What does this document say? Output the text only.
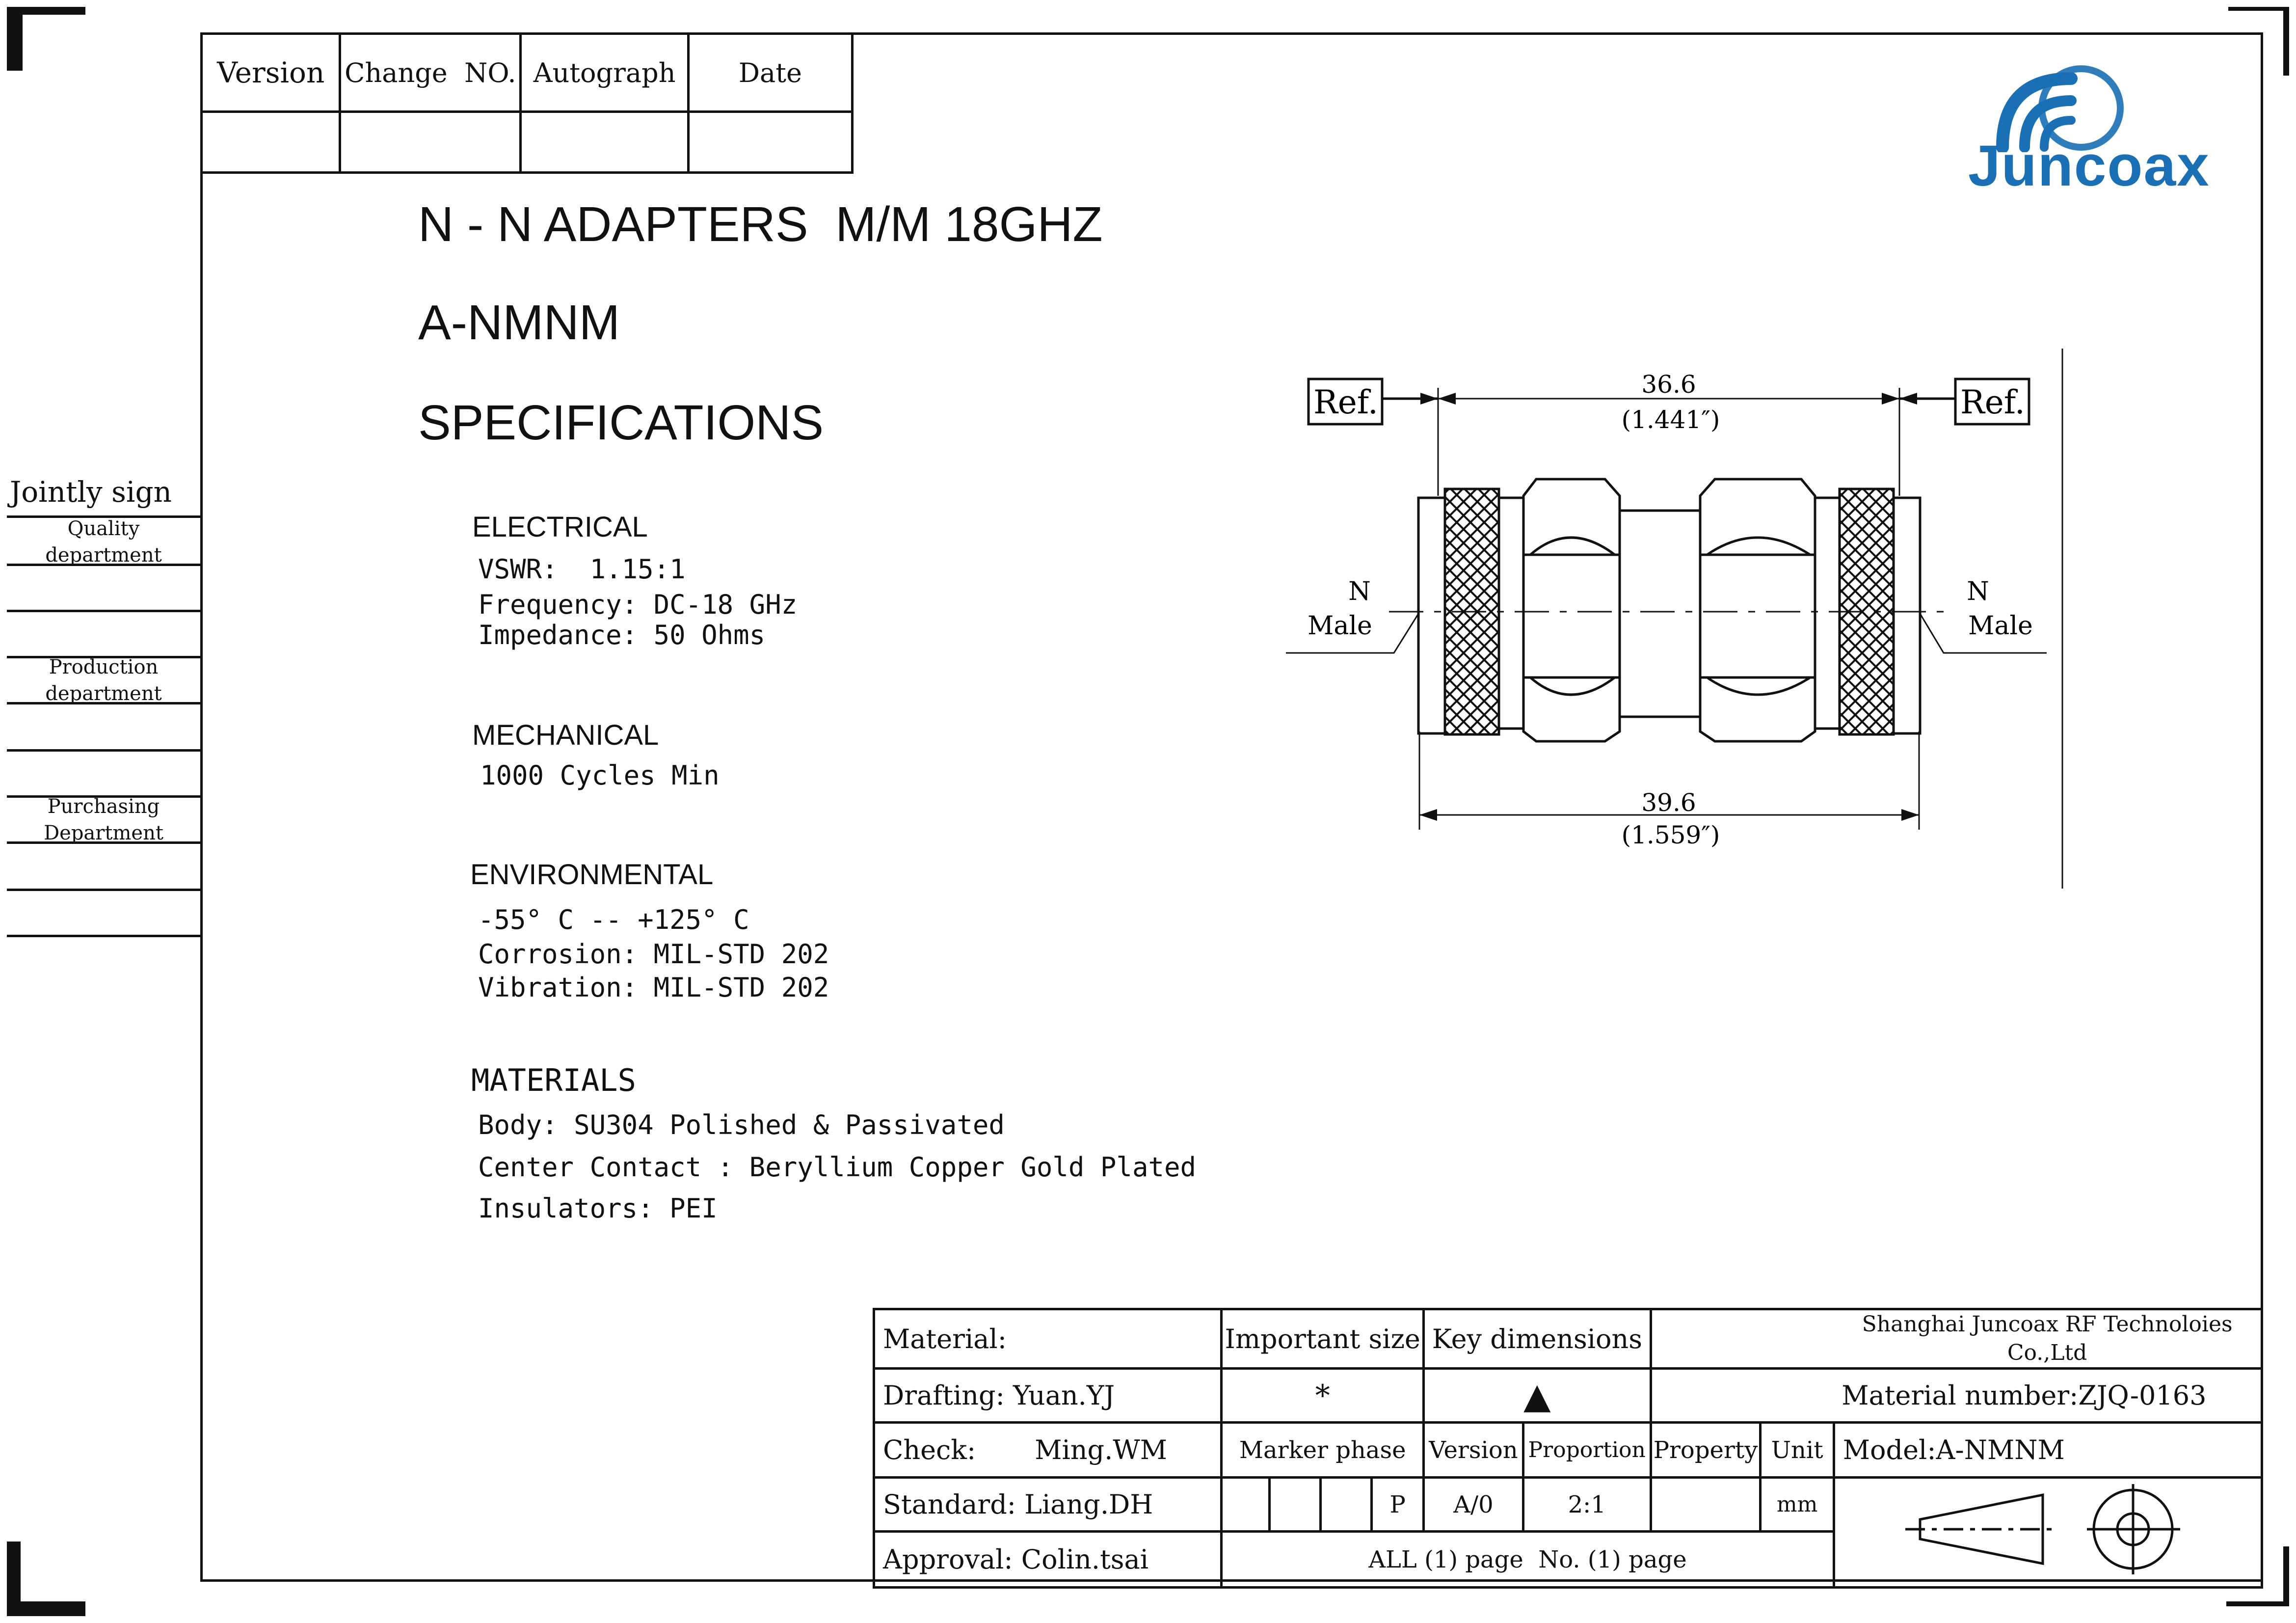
Version	Change  NO.	Autograph	Date

Juncoax
N - N ADAPTERS  M/M 18GHZ
A-NMNM
SPECIFICATIONS
ELECTRICAL
VSWR:  1.15:1
Frequency: DC-18 GHz
Impedance: 50 Ohms
MECHANICAL
1000 Cycles Min
ENVIRONMENTAL
-55° C -- +125° C
Corrosion: MIL-STD 202
Vibration: MIL-STD 202
MATERIALS
Body: SU304 Polished & Passivated
Center Contact : Beryllium Copper Gold Plated
Insulators: PEI
Jointly sign
Quality
department
Production
department
Purchasing
Department
Ref.	Ref.
36.6
(1.441″)
39.6
(1.559″)
N
Male
N
Male
Material:	Important size				Key dimensions				Shanghai Juncoax RF Technoloies Co.,Ltd
Drafting: Yuan.YJ	*				▲				Material number:ZJQ-0163
Check: Ming.WM	Marker phase				Version	Proportion	Property	Unit	Model:A-NMNM
Standard: Liang.DH				P	A/0	2:1		mm	
Approval: Colin.tsai	ALL (1) page  No. (1) page								
